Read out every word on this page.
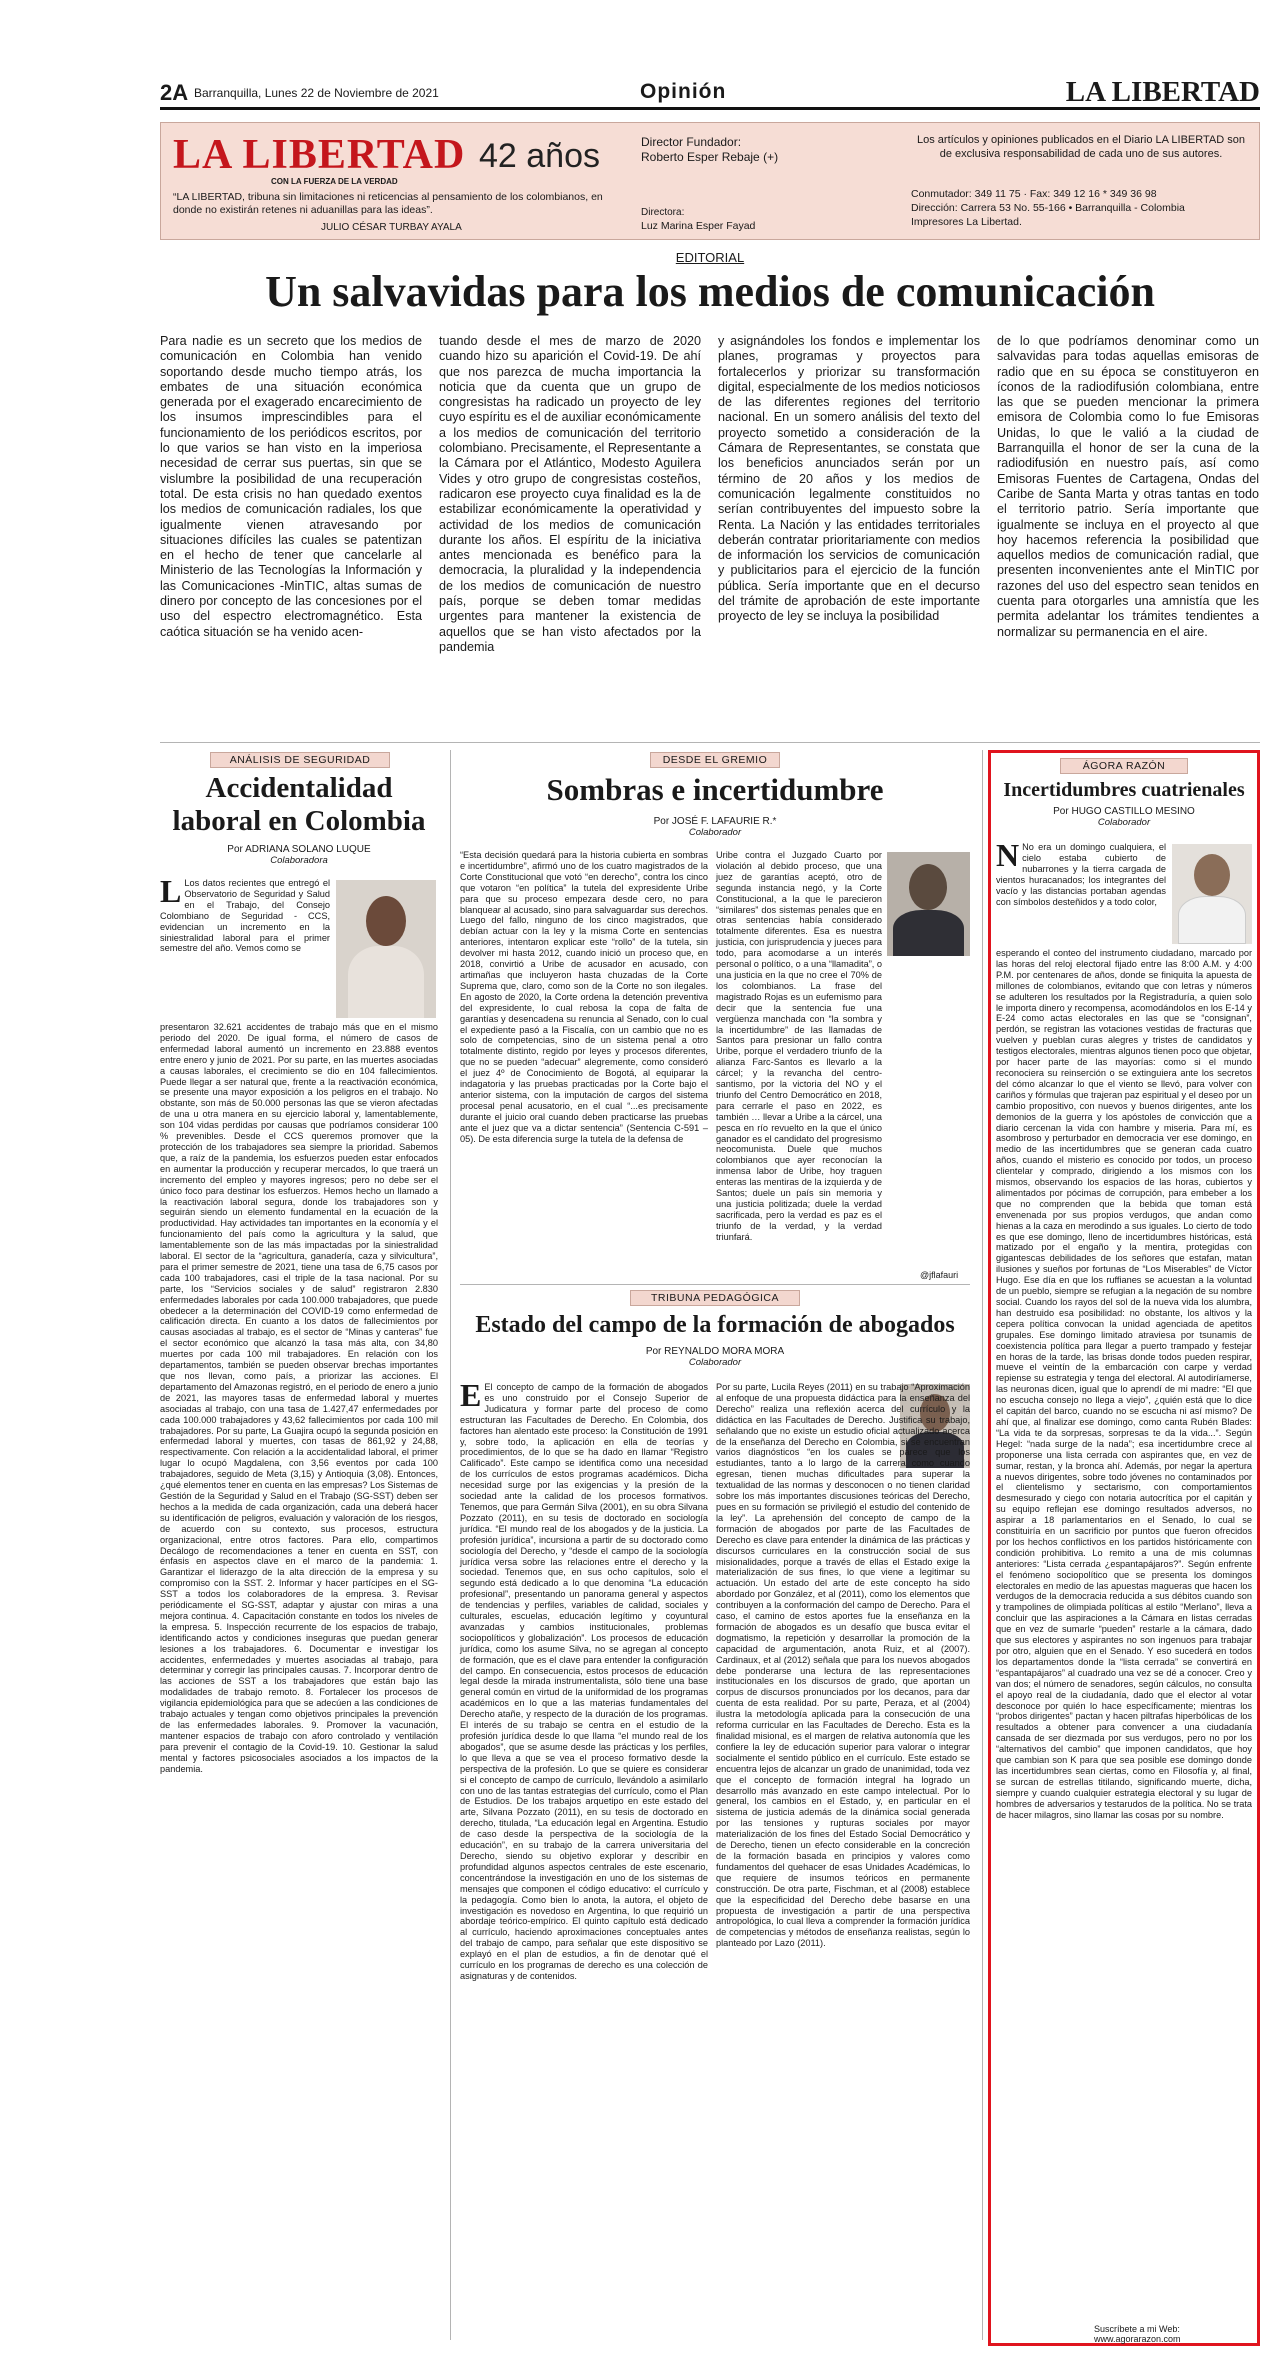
2A Barranquilla, Lunes 22 de Noviembre de 2021	Opinión	LA LIBERTAD
LA LIBERTAD
CON LA FUERZA DE LA VERDAD
42 años
“LA LIBERTAD, tribuna sin limitaciones ni reticencias al pensamiento de los colombianos, en donde no existirán retenes ni aduanillas para las ideas”.
JULIO CÉSAR TURBAY AYALA
Director Fundador:
Roberto Esper Rebaje (+)
Directora:
Luz Marina Esper Fayad
Los artículos y opiniones publicados en el Diario LA LIBERTAD son de exclusiva responsabilidad de cada uno de sus autores.
Conmutador: 349 11 75 · Fax: 349 12 16 * 349 36 98
Dirección: Carrera 53 No. 55-166 • Barranquilla - Colombia
Impresores La Libertad.
EDITORIAL
Un salvavidas para los medios de comunicación
Para nadie es un secreto que los medios de comunicación en Colombia han venido soportando desde mucho tiempo atrás, los embates de una situación económica generada por el exagerado encarecimiento de los insumos imprescindibles para el funcionamiento de los periódicos escritos, por lo que varios se han visto en la imperiosa necesidad de cerrar sus puertas, sin que se vislumbre la posibilidad de una recuperación total. De esta crisis no han quedado exentos los medios de comunicación radiales, los que igualmente vienen atravesando por situaciones difíciles las cuales se patentizan en el hecho de tener que cancelarle al Ministerio de las Tecnologías la Información y las Comunicaciones -MinTIC, altas sumas de dinero por concepto de las concesiones por el uso del espectro electromagnético. Esta caótica situación se ha venido acen-
tuando desde el mes de marzo de 2020 cuando hizo su aparición el Covid-19. De ahí que nos parezca de mucha importancia la noticia que da cuenta que un grupo de congresistas ha radicado un proyecto de ley cuyo espíritu es el de auxiliar económicamente a los medios de comunicación del territorio colombiano. Precisamente, el Representante a la Cámara por el Atlántico, Modesto Aguilera Vides y otro grupo de congresistas costeños, radicaron ese proyecto cuya finalidad es la de estabilizar económicamente la operatividad y actividad de los medios de comunicación durante los años. El espíritu de la iniciativa antes mencionada es benéfico para la democracia, la pluralidad y la independencia de los medios de comunicación de nuestro país, porque se deben tomar medidas urgentes para mantener la existencia de aquellos que se han visto afectados por la pandemia
y asignándoles los fondos e implementar los planes, programas y proyectos para fortalecerlos y priorizar su transformación digital, especialmente de los medios noticiosos de las diferentes regiones del territorio nacional. En un somero análisis del texto del proyecto sometido a consideración de la Cámara de Representantes, se constata que los beneficios anunciados serán por un término de 20 años y los medios de comunicación legalmente constituidos no serían contribuyentes del impuesto sobre la Renta. La Nación y las entidades territoriales deberán contratar prioritariamente con medios de información los servicios de comunicación y publicitarios para el ejercicio de la función pública. Sería importante que en el decurso del trámite de aprobación de este importante proyecto de ley se incluya la posibilidad
de lo que podríamos denominar como un salvavidas para todas aquellas emisoras de radio que en su época se constituyeron en íconos de la radiodifusión colombiana, entre las que se pueden mencionar la primera emisora de Colombia como lo fue Emisoras Unidas, lo que le valió a la ciudad de Barranquilla el honor de ser la cuna de la radiodifusión en nuestro país, así como Emisoras Fuentes de Cartagena, Ondas del Caribe de Santa Marta y otras tantas en todo el territorio patrio. Sería importante que igualmente se incluya en el proyecto al que hoy hacemos referencia la posibilidad que aquellos medios de comunicación radial, que presenten inconvenientes ante el MinTIC por razones del uso del espectro sean tenidos en cuenta para otorgarles una amnistía que les permita adelantar los trámites tendientes a normalizar su permanencia en el aire.
ANÁLISIS DE SEGURIDAD
Accidentalidad laboral en Colombia
Por ADRIANA SOLANO LUQUE
Colaboradora
L Los datos recientes que entregó el Observatorio de Seguridad y Salud en el Trabajo, del Consejo Colombiano de Seguridad - CCS, evidencian un incremento en la siniestralidad laboral para el primer semestre del año. Vemos como se
presentaron 32.621 accidentes de trabajo más que en el mismo periodo del 2020. De igual forma, el número de casos de enfermedad laboral aumentó un incremento en 23.888 eventos entre enero y junio de 2021. Por su parte, en las muertes asociadas a causas laborales, el crecimiento se dio en 104 fallecimientos. Puede llegar a ser natural que, frente a la reactivación económica, se presente una mayor exposición a los peligros en el trabajo. No obstante, son más de 50.000 personas las que se vieron afectadas de una u otra manera en su ejercicio laboral y, lamentablemente, son 104 vidas perdidas por causas que podríamos considerar 100 % prevenibles. Desde el CCS queremos promover que la protección de los trabajadores sea siempre la prioridad. Sabemos que, a raíz de la pandemia, los esfuerzos pueden estar enfocados en aumentar la producción y recuperar mercados, lo que traerá un incremento del empleo y mayores ingresos; pero no debe ser el único foco para destinar los esfuerzos. Hemos hecho un llamado a la reactivación laboral segura, donde los trabajadores son y seguirán siendo un elemento fundamental en la ecuación de la productividad. Hay actividades tan importantes en la economía y el funcionamiento del país como la agricultura y la salud, que lamentablemente son de las más impactadas por la siniestralidad laboral. El sector de la “agricultura, ganadería, caza y silvicultura”, para el primer semestre de 2021, tiene una tasa de 6,75 casos por cada 100 trabajadores, casi el triple de la tasa nacional. Por su parte, los “Servicios sociales y de salud” registraron 2.830 enfermedades laborales por cada 100.000 trabajadores, que puede obedecer a la determinación del COVID-19 como enfermedad de calificación directa. En cuanto a los datos de fallecimientos por causas asociadas al trabajo, es el sector de “Minas y canteras” fue el sector económico que alcanzó la tasa más alta, con 34,80 muertes por cada 100 mil trabajadores. En relación con los departamentos, también se pueden observar brechas importantes que nos llevan, como país, a priorizar las acciones. El departamento del Amazonas registró, en el periodo de enero a junio de 2021, las mayores tasas de enfermedad laboral y muertes asociadas al trabajo, con una tasa de 1.427,47 enfermedades por cada 100.000 trabajadores y 43,62 fallecimientos por cada 100 mil trabajadores. Por su parte, La Guajira ocupó la segunda posición en enfermedad laboral y muertes, con tasas de 861,92 y 24,88, respectivamente. Con relación a la accidentalidad laboral, el primer lugar lo ocupó Magdalena, con 3,56 eventos por cada 100 trabajadores, seguido de Meta (3,15) y Antioquia (3,08). Entonces, ¿qué elementos tener en cuenta en las empresas? Los Sistemas de Gestión de la Seguridad y Salud en el Trabajo (SG-SST) deben ser hechos a la medida de cada organización, cada una deberá hacer su identificación de peligros, evaluación y valoración de los riesgos, de acuerdo con su contexto, sus procesos, estructura organizacional, entre otros factores. Para ello, compartimos Decálogo de recomendaciones a tener en cuenta en SST, con énfasis en aspectos clave en el marco de la pandemia: 1. Garantizar el liderazgo de la alta dirección de la empresa y su compromiso con la SST. 2. Informar y hacer partícipes en el SG-SST a todos los colaboradores de la empresa. 3. Revisar periódicamente el SG-SST, adaptar y ajustar con miras a una mejora continua. 4. Capacitación constante en todos los niveles de la empresa. 5. Inspección recurrente de los espacios de trabajo, identificando actos y condiciones inseguras que puedan generar lesiones a los trabajadores. 6. Documentar e investigar los accidentes, enfermedades y muertes asociadas al trabajo, para determinar y corregir las principales causas. 7. Incorporar dentro de las acciones de SST a los trabajadores que están bajo las modalidades de trabajo remoto. 8. Fortalecer los procesos de vigilancia epidemiológica para que se adecúen a las condiciones de trabajo actuales y tengan como objetivos principales la prevención de las enfermedades laborales. 9. Promover la vacunación, mantener espacios de trabajo con aforo controlado y ventilación para prevenir el contagio de la Covid-19. 10. Gestionar la salud mental y factores psicosociales asociados a los impactos de la pandemia.
DESDE EL GREMIO
Sombras e incertidumbre
Por JOSÉ F. LAFAURIE R.*
Colaborador
“Esta decisión quedará para la historia cubierta en sombras e incertidumbre”, afirmó uno de los cuatro magistrados de la Corte Constitucional que votó “en derecho”, contra los cinco que votaron “en política” la tutela del expresidente Uribe para que su proceso empezara desde cero, no para blanquear al acusado, sino para salvaguardar sus derechos. Luego del fallo, ninguno de los cinco magistrados, que debían actuar con la ley y la misma Corte en sentencias anteriores, intentaron explicar este “rollo” de la tutela, sin devolver mi hasta 2012, cuando inició un proceso que, en 2018, convirtió a Uribe de acusador en acusado, con artimañas que incluyeron hasta chuzadas de la Corte Suprema que, claro, como son de la Corte no son ilegales. En agosto de 2020, la Corte ordena la detención preventiva del expresidente, lo cual rebosa la copa de falta de garantías y desencadena su renuncia al Senado, con lo cual el expediente pasó a la Fiscalía, con un cambio que no es solo de competencias, sino de un sistema penal a otro totalmente distinto, regido por leyes y procesos diferentes, que no se pueden “adecuar” alegremente, como consideró el juez 4º de Conocimiento de Bogotá, al equiparar la indagatoria y las pruebas practicadas por la Corte bajo el anterior sistema, con la imputación de cargos del sistema procesal penal acusatorio, en el cual “...es precisamente durante el juicio oral cuando deben practicarse las pruebas ante el juez que va a dictar sentencia” (Sentencia C-591 – 05). De esta diferencia surge la tutela de la defensa de
Uribe contra el Juzgado Cuarto por violación al debido proceso, que una juez de garantías aceptó, otro de segunda instancia negó, y la Corte Constitucional, a la que le parecieron “similares” dos sistemas penales que en otras sentencias había considerado totalmente diferentes. Esa es nuestra justicia, con jurisprudencia y jueces para todo, para acomodarse a un interés personal o político, o a una “llamadita”, o una justicia en la que no cree el 70% de los colombianos. La frase del magistrado Rojas es un eufemismo para decir que la sentencia fue una vergüenza manchada con “la sombra y la incertidumbre” de las llamadas de Santos para presionar un fallo contra Uribe, porque el verdadero triunfo de la alianza Farc-Santos es llevarlo a la cárcel; y la revancha del centro-santismo, por la victoria del NO y el triunfo del Centro Democrático en 2018, para cerrarle el paso en 2022, es también … llevar a Uribe a la cárcel, una pesca en río revuelto en la que el único ganador es el candidato del progresismo neocomunista. Duele que muchos colombianos que ayer reconocían la inmensa labor de Uribe, hoy traguen enteras las mentiras de la izquierda y de Santos; duele un país sin memoria y una justicia politizada; duele la verdad sacrificada, pero la verdad es paz es el triunfo de la verdad, y la verdad triunfará.
@jflafauri
TRIBUNA PEDAGÓGICA
Estado del campo de la formación de abogados
Por REYNALDO MORA MORA
Colaborador
E El concepto de campo de la formación de abogados es uno construido por el Consejo Superior de Judicatura y formar parte del proceso de como estructuran las Facultades de Derecho. En Colombia, dos factores han alentado este proceso: la Constitución de 1991 y, sobre todo, la aplicación en ella de teorías y procedimientos, de lo que se ha dado en llamar “Registro Calificado”. Este campo se identifica como una necesidad de los currículos de estos programas académicos. Dicha necesidad surge por las exigencias y la presión de la sociedad ante la calidad de los procesos formativos. Tenemos, que para Germán Silva (2001), en su obra Silvana Pozzato (2011), en su tesis de doctorado en sociología jurídica. “El mundo real de los abogados y de la justicia. La profesión jurídica”, incursiona a partir de su doctorado como sociología del Derecho, y “desde el campo de la sociología jurídica versa sobre las relaciones entre el derecho y la sociedad. Tenemos que, en sus ocho capítulos, solo el segundo está dedicado a lo que denomina “La educación profesional”, presentando un panorama general y aspectos de tendencias y perfiles, variables de calidad, sociales y culturales, escuelas, educación legítimo y coyuntural avanzadas y cambios institucionales, problemas sociopolíticos y globalización”. Los procesos de educación jurídica, como los asume Silva, no se agregan al concepto de formación, que es el clave para entender la configuración del campo. En consecuencia, estos procesos de educación legal desde la mirada instrumentalista, sólo tiene una base general común en virtud de la uniformidad de los programas académicos en lo que a las materias fundamentales del Derecho atañe, y respecto de la duración de los programas. El interés de su trabajo se centra en el estudio de la profesión jurídica desde lo que llama “el mundo real de los abogados”, que se asume desde las prácticas y los perfiles, lo que lleva a que se vea el proceso formativo desde la perspectiva de la profesión. Lo que se quiere es considerar si el concepto de campo de currículo, llevándolo a asimilarlo con uno de las tantas estrategias del currículo, como el Plan de Estudios. De los trabajos arquetipo en este estado del arte, Silvana Pozzato (2011), en su tesis de doctorado en derecho, titulada, “La educación legal en Argentina. Estudio de caso desde la perspectiva de la sociología de la educación”, en su trabajo de la carrera universitaria del Derecho, siendo su objetivo explorar y describir en profundidad algunos aspectos centrales de este escenario, concentrándose la investigación en uno de los sistemas de mensajes que componen el código educativo: el currículo y la pedagogía. Como bien lo anota, la autora, el objeto de investigación es novedoso en Argentina, lo que requirió un abordaje teórico-empírico. El quinto capítulo está dedicado al currículo, haciendo aproximaciones conceptuales antes del trabajo de campo, para señalar que este dispositivo se explayó en el plan de estudios, a fin de denotar qué el currículo en los programas de derecho es una colección de asignaturas y de contenidos.
Por su parte, Lucila Reyes (2011) en su trabajo “Aproximación al enfoque de una propuesta didáctica para la enseñanza del Derecho” realiza una reflexión acerca del currículo y la didáctica en las Facultades de Derecho. Justifica su trabajo, señalando que no existe un estudio oficial actualizado acerca de la enseñanza del Derecho en Colombia, si se encuentran varios diagnósticos “en los cuales se parece que los estudiantes, tanto a lo largo de la carrera como cuando egresan, tienen muchas dificultades para superar la textualidad de las normas y desconocen o no tienen claridad sobre los más importantes discusiones teóricas del Derecho, pues en su formación se privilegió el estudio del contenido de la ley”. La aprehensión del concepto de campo de la formación de abogados por parte de las Facultades de Derecho es clave para entender la dinámica de las prácticas y discursos curriculares en la construcción social de sus misionalidades, porque a través de ellas el Estado exige la materialización de sus fines, lo que viene a legitimar su actuación. Un estado del arte de este concepto ha sido abordado por González, et al (2011), como los elementos que contribuyen a la conformación del campo de Derecho. Para el caso, el camino de estos aportes fue la enseñanza en la formación de abogados es un desafío que busca evitar el dogmatismo, la repetición y desarrollar la promoción de la capacidad de argumentación, anota Ruiz, et al (2007). Cardinaux, et al (2012) señala que para los nuevos abogados debe ponderarse una lectura de las representaciones institucionales en los discursos de grado, que aportan un corpus de discursos pronunciados por los decanos, para dar cuenta de esta realidad. Por su parte, Peraza, et al (2004) ilustra la metodología aplicada para la consecución de una reforma curricular en las Facultades de Derecho. Esta es la finalidad misional, es el margen de relativa autonomía que les confiere la ley de educación superior para valorar o integrar socialmente el sentido público en el currículo. Este estado se encuentra lejos de alcanzar un grado de unanimidad, toda vez que el concepto de formación integral ha logrado un desarrollo más avanzado en este campo intelectual. Por lo general, los cambios en el Estado, y, en particular en el sistema de justicia además de la dinámica social generada por las tensiones y rupturas sociales por mayor materialización de los fines del Estado Social Democrático y de Derecho, tienen un efecto considerable en la concreción de la formación basada en principios y valores como fundamentos del quehacer de esas Unidades Académicas, lo que requiere de insumos teóricos en permanente construcción. De otra parte, Fischman, et al (2008) establece que la especificidad del Derecho debe basarse en una propuesta de investigación a partir de una perspectiva antropológica, lo cual lleva a comprender la formación jurídica de competencias y métodos de enseñanza realistas, según lo planteado por Lazo (2011).
ÁGORA RAZÓN
Incertidumbres cuatrienales
Por HUGO CASTILLO MESINO
Colaborador
N No era un domingo cualquiera, el cielo estaba cubierto de nubarrones y la tierra cargada de vientos huracanados; los integrantes del vacío y las distancias portaban agendas con símbolos desteñidos y a todo color,
esperando el conteo del instrumento ciudadano, marcado por las horas del reloj electoral fijado entre las 8:00 A.M. y 4:00 P.M. por centenares de años, donde se finiquita la apuesta de millones de colombianos, evitando que con letras y números se adulteren los resultados por la Registraduría, a quien solo le importa dinero y recompensa, acomodándolos en los E-14 y E-24 como actas electorales en las que se “consignan”, perdón, se registran las votaciones vestidas de fracturas que vuelven y pueblan curas alegres y tristes de candidatos y testigos electorales, mientras algunos tienen poco que objetar, por hacer parte de las mayorías: como si el mundo reconociera su reinserción o se extinguiera ante los secretos del cómo alcanzar lo que el viento se llevó, para volver con cariños y fórmulas que trajeran paz espiritual y el deseo por un cambio propositivo, con nuevos y buenos dirigentes, ante los demonios de la guerra y los apóstoles de convicción que a diario cercenan la vida con hambre y miseria. Para mí, es asombroso y perturbador en democracia ver ese domingo, en medio de las incertidumbres que se generan cada cuatro años, cuando el misterio es conocido por todos, un proceso clientelar y comprado, dirigiendo a los mismos con los mismos, observando los espacios de las horas, cubiertos y alimentados por pócimas de corrupción, para embeber a los que no comprenden que la bebida que toman está envenenada por sus propios verdugos, que andan como hienas a la caza en merodindo a sus iguales. Lo cierto de todo es que ese domingo, lleno de incertidumbres históricas, está matizado por el engaño y la mentira, protegidas con gigantescas debilidades de los señores que estafan, matan ilusiones y sueños por fortunas de “Los Miserables” de Víctor Hugo. Ese día en que los ruffianes se acuestan a la voluntad de un pueblo, siempre se refugian a la negación de su nombre social. Cuando los rayos del sol de la nueva vida los alumbra, han destruido esa posibilidad: no obstante, los altivos y la cepera política convocan la unidad agenciada de apetitos grupales. Ese domingo limitado atraviesa por tsunamis de coexistencia política para llegar a puerto trampado y festejar en horas de la tarde, las brisas donde todos pueden respirar, mueve el veintín de la embarcación con carpe y verdad repiense su estrategia y tenga del electoral. Al autodiríamerse, las neuronas dicen, igual que lo aprendí de mi madre: “El que no escucha consejo no llega a viejo”, ¿quién está que lo dice el capitán del barco, cuando no se escucha ni así mismo? De ahí que, al finalizar ese domingo, como canta Rubén Blades: “La vida te da sorpresas, sorpresas te da la vida...”. Según Hegel: “nada surge de la nada”; esa incertidumbre crece al proponerse una lista cerrada con aspirantes que, en vez de sumar, restan, y la bronca ahí. Además, por negar la apertura a nuevos dirigentes, sobre todo jóvenes no contaminados por el clientelismo y sectarismo, con comportamientos desmesurado y ciego con notaria autocrítica por el capitán y su equipo reflejan ese domingo resultados adversos, no aspirar a 18 parlamentarios en el Senado, lo cual se constituiría en un sacrificio por puntos que fueron ofrecidos por los hechos conflictivos en los partidos históricamente con condición prohibitiva. Lo remito a una de mis columnas anteriores: “Lista cerrada ¿espantapájaros?”. Según enfrente el fenómeno sociopolítico que se presenta los domingos electorales en medio de las apuestas magueras que hacen los verdugos de la democracia reducida a sus débitos cuando son y trampolines de olimpiada políticas al estilo “Merlano”, lleva a concluir que las aspiraciones a la Cámara en listas cerradas que en vez de sumarle “pueden” restarle a la cámara, dado que sus electores y aspirantes no son ingenuos para trabajar por otro, alguien que en el Senado. Y eso sucederá en todos los departamentos donde la “lista cerrada” se convertirá en “espantapájaros” al cuadrado una vez se dé a conocer. Creo y van dos; el número de senadores, según cálculos, no consulta el apoyo real de la ciudadanía, dado que el elector al votar desconoce por quién lo hace específicamente; mientras los “probos dirigentes” pactan y hacen piltrafas hiperbólicas de los resultados a obtener para convencer a una ciudadanía cansada de ser diezmada por sus verdugos, pero no por los “alternativos del cambio” que imponen candidatos, que hoy que cambian son K para que sea posible ese domingo donde las incertidumbres sean ciertas, como en Filosofía y, al final, se surcan de estrellas titilando, significando muerte, dicha, siempre y cuando cualquier estrategia electoral y su lugar de hombres de adversarios y testarudos de la política. No se trata de hacer milagros, sino llamar las cosas por su nombre.
Suscríbete a mi Web: www.agorarazon.com
